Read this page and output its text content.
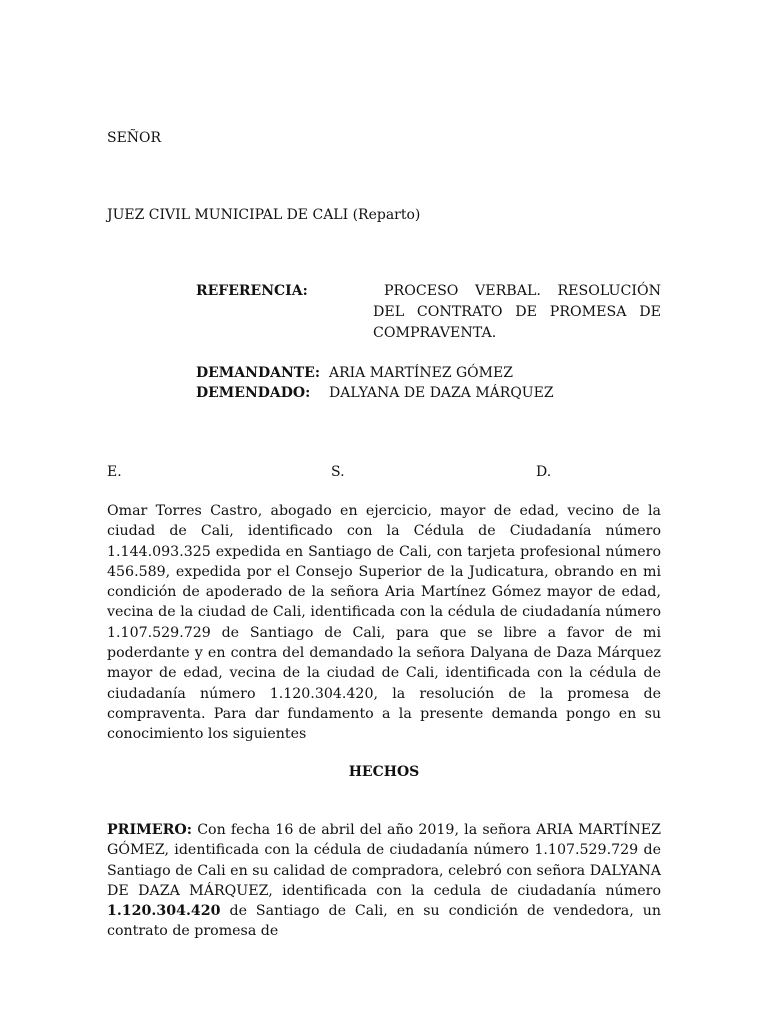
SEÑOR
JUEZ CIVIL MUNICIPAL DE CALI (Reparto)
REFERENCIA:	PROCESO VERBAL. RESOLUCIÓN DEL CONTRATO DE PROMESA DE COMPRAVENTA.
DEMANDANTE: ARIA MARTÍNEZ GÓMEZ
DEMENDADO: DALYANA DE DAZA MÁRQUEZ
E.	S.	D.

Omar Torres Castro, abogado en ejercicio, mayor de edad, vecino de la ciudad de Cali, identificado con la Cédula de Ciudadanía número 1.144.093.325 expedida en Santiago de Cali, con tarjeta profesional número 456.589, expedida por el Consejo Superior de la Judicatura, obrando en mi condición de apoderado de la señora Aria Martínez Gómez mayor de edad, vecina de la ciudad de Cali, identificada con la cédula de ciudadanía número 1.107.529.729 de Santiago de Cali, para que se libre a favor de mi poderdante y en contra del demandado la señora Dalyana de Daza Márquez mayor de edad, vecina de la ciudad de Cali, identificada con la cédula de ciudadanía número 1.120.304.420, la resolución de la promesa de compraventa. Para dar fundamento a la presente demanda pongo en su conocimiento los siguientes

HECHOS

PRIMERO: Con fecha 16 de abril del año 2019, la señora ARIA MARTÍNEZ GÓMEZ, identificada con la cédula de ciudadanía número 1.107.529.729 de Santiago de Cali en su calidad de compradora, celebró con señora DALYANA DE DAZA MÁRQUEZ, identificada con la cedula de ciudadanía número 1.120.304.420 de Santiago de Cali, en su condición de vendedora, un contrato de promesa de
